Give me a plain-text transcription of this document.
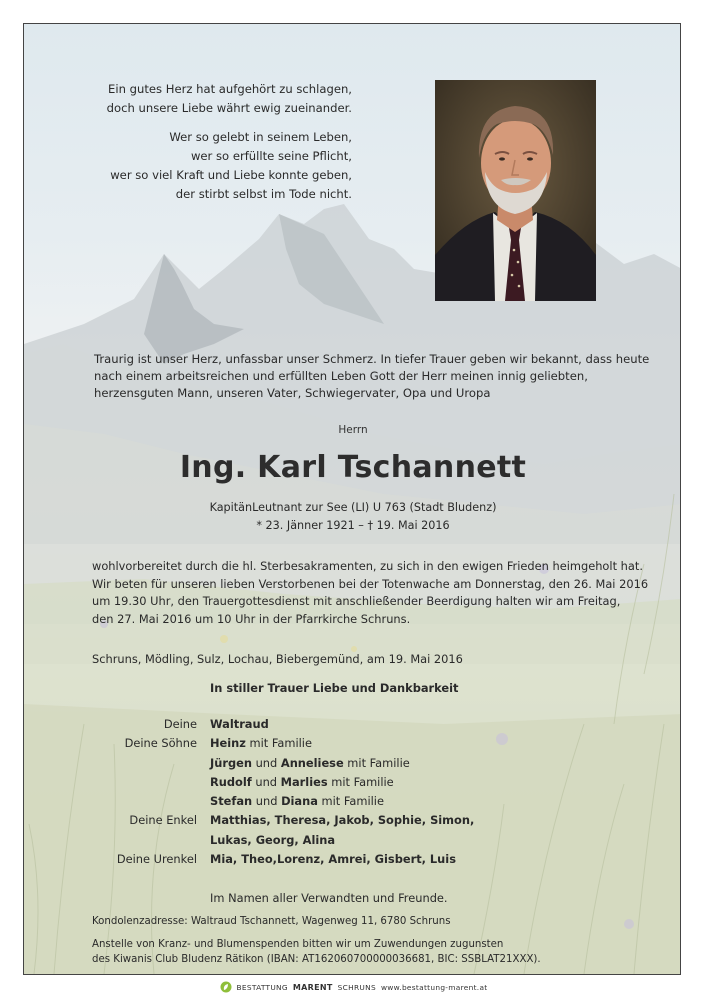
Ein gutes Herz hat aufgehört zu schlagen,
doch unsere Liebe währt ewig zueinander.

Wer so gelebt in seinem Leben,
wer so erfüllte seine Pflicht,
wer so viel Kraft und Liebe konnte geben,
der stirbt selbst im Tode nicht.

Traurig ist unser Herz, unfassbar unser Schmerz. In tiefer Trauer geben wir bekannt, dass heute
nach einem arbeitsreichen und erfüllten Leben Gott der Herr meinen innig geliebten,
herzensguten Mann, unseren Vater, Schwiegervater, Opa und Uropa
Herrn
Ing. Karl Tschannett
KapitänLeutnant zur See (LI) U 763 (Stadt Bludenz)
* 23. Jänner 1921 – † 19. Mai 2016
wohlvorbereitet durch die hl. Sterbesakramenten, zu sich in den ewigen Frieden heimgeholt hat.
Wir beten für unseren lieben Verstorbenen bei der Totenwache am Donnerstag, den 26. Mai 2016
um 19.30 Uhr, den Trauergottesdienst mit anschließender Beerdigung halten wir am Freitag,
den 27. Mai 2016 um 10 Uhr in der Pfarrkirche Schruns.
Schruns, Mödling, Sulz, Lochau, Biebergemünd, am 19. Mai 2016
In stiller Trauer Liebe und Dankbarkeit
Deine Waltraud
Deine Söhne Heinz mit Familie
Jürgen und Anneliese mit Familie
Rudolf und Marlies mit Familie
Stefan und Diana mit Familie
Deine Enkel Matthias, Theresa, Jakob, Sophie, Simon,
Lukas, Georg, Alina
Deine Urenkel Mia, Theo,Lorenz, Amrei, Gisbert, Luis
Im Namen aller Verwandten und Freunde.
Kondolenzadresse: Waltraud Tschannett, Wagenweg 11, 6780 Schruns
Anstelle von Kranz- und Blumenspenden bitten wir um Zuwendungen zugunsten
des Kiwanis Club Bludenz Rätikon (IBAN: AT162060700000036681, BIC: SSBLAT21XXX).
BESTATTUNG MARENT SCHRUNS www.bestattung-marent.at
